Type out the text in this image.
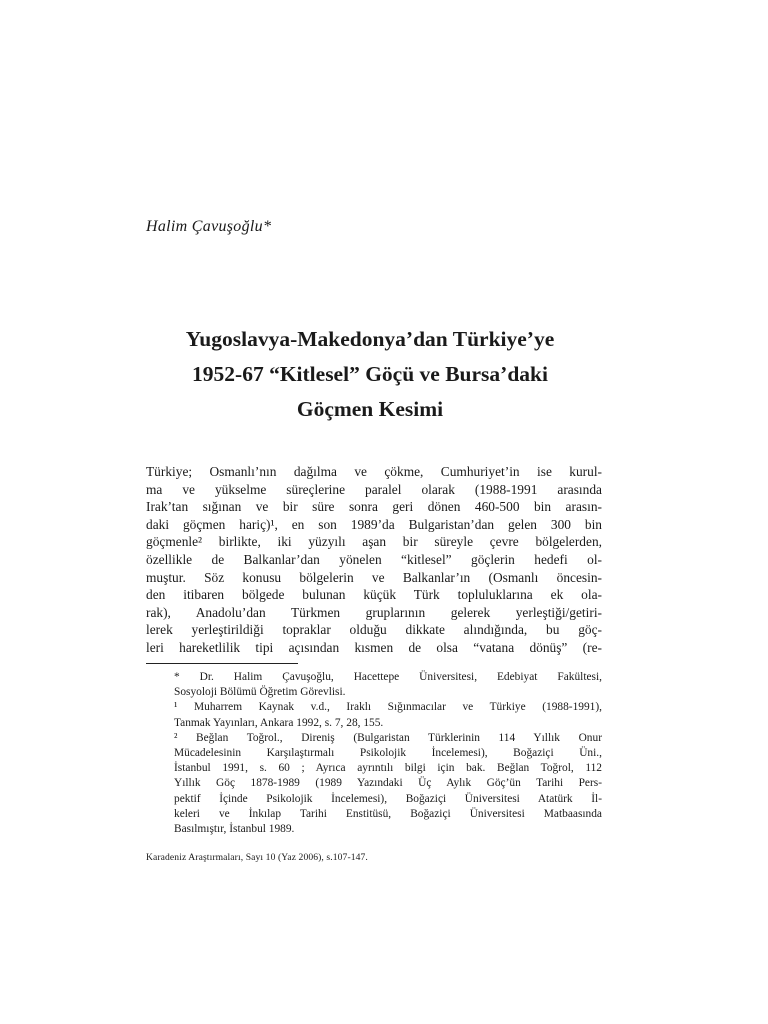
Halim Çavuşoğlu*
Yugoslavya-Makedonya’dan Türkiye’ye
1952-67 “Kitlesel” Göçü ve Bursa’daki
Göçmen Kesimi
Türkiye; Osmanlı’nın dağılma ve çökme, Cumhuriyet’in ise kurul-
ma ve yükselme süreçlerine paralel olarak (1988-1991 arasında
Irak’tan sığınan ve bir süre sonra geri dönen 460-500 bin arasın-
daki göçmen hariç)¹, en son 1989’da Bulgaristan’dan gelen 300 bin
göçmenle² birlikte, iki yüzyılı aşan bir süreyle çevre bölgelerden,
özellikle de Balkanlar’dan yönelen “kitlesel” göçlerin hedefi ol-
muştur. Söz konusu bölgelerin ve Balkanlar’ın (Osmanlı öncesin-
den itibaren bölgede bulunan küçük Türk topluluklarına ek ola-
rak), Anadolu’dan Türkmen gruplarının gelerek yerleştiği/getiri-
lerek yerleştirildiği topraklar olduğu dikkate alındığında, bu göç-
leri hareketlilik tipi açısından kısmen de olsa “vatana dönüş” (re-
* Dr. Halim Çavuşoğlu, Hacettepe Üniversitesi, Edebiyat Fakültesi,
Sosyoloji Bölümü Öğretim Görevlisi.
¹ Muharrem Kaynak v.d., Iraklı Sığınmacılar ve Türkiye (1988-1991),
Tanmak Yayınları, Ankara 1992, s. 7, 28, 155.
² Beğlan Toğrol., Direniş (Bulgaristan Türklerinin 114 Yıllık Onur
Mücadelesinin Karşılaştırmalı Psikolojik İncelemesi), Boğaziçi Üni.,
İstanbul 1991, s. 60 ; Ayrıca ayrıntılı bilgi için bak. Beğlan Toğrol, 112
Yıllık Göç 1878-1989 (1989 Yazındaki Üç Aylık Göç’ün Tarihi Pers-
pektif İçinde Psikolojik İncelemesi), Boğaziçi Üniversitesi Atatürk İl-
keleri ve İnkılap Tarihi Enstitüsü, Boğaziçi Üniversitesi Matbaasında
Basılmıştır, İstanbul 1989.
Karadeniz Araştırmaları, Sayı 10 (Yaz 2006), s.107-147.
